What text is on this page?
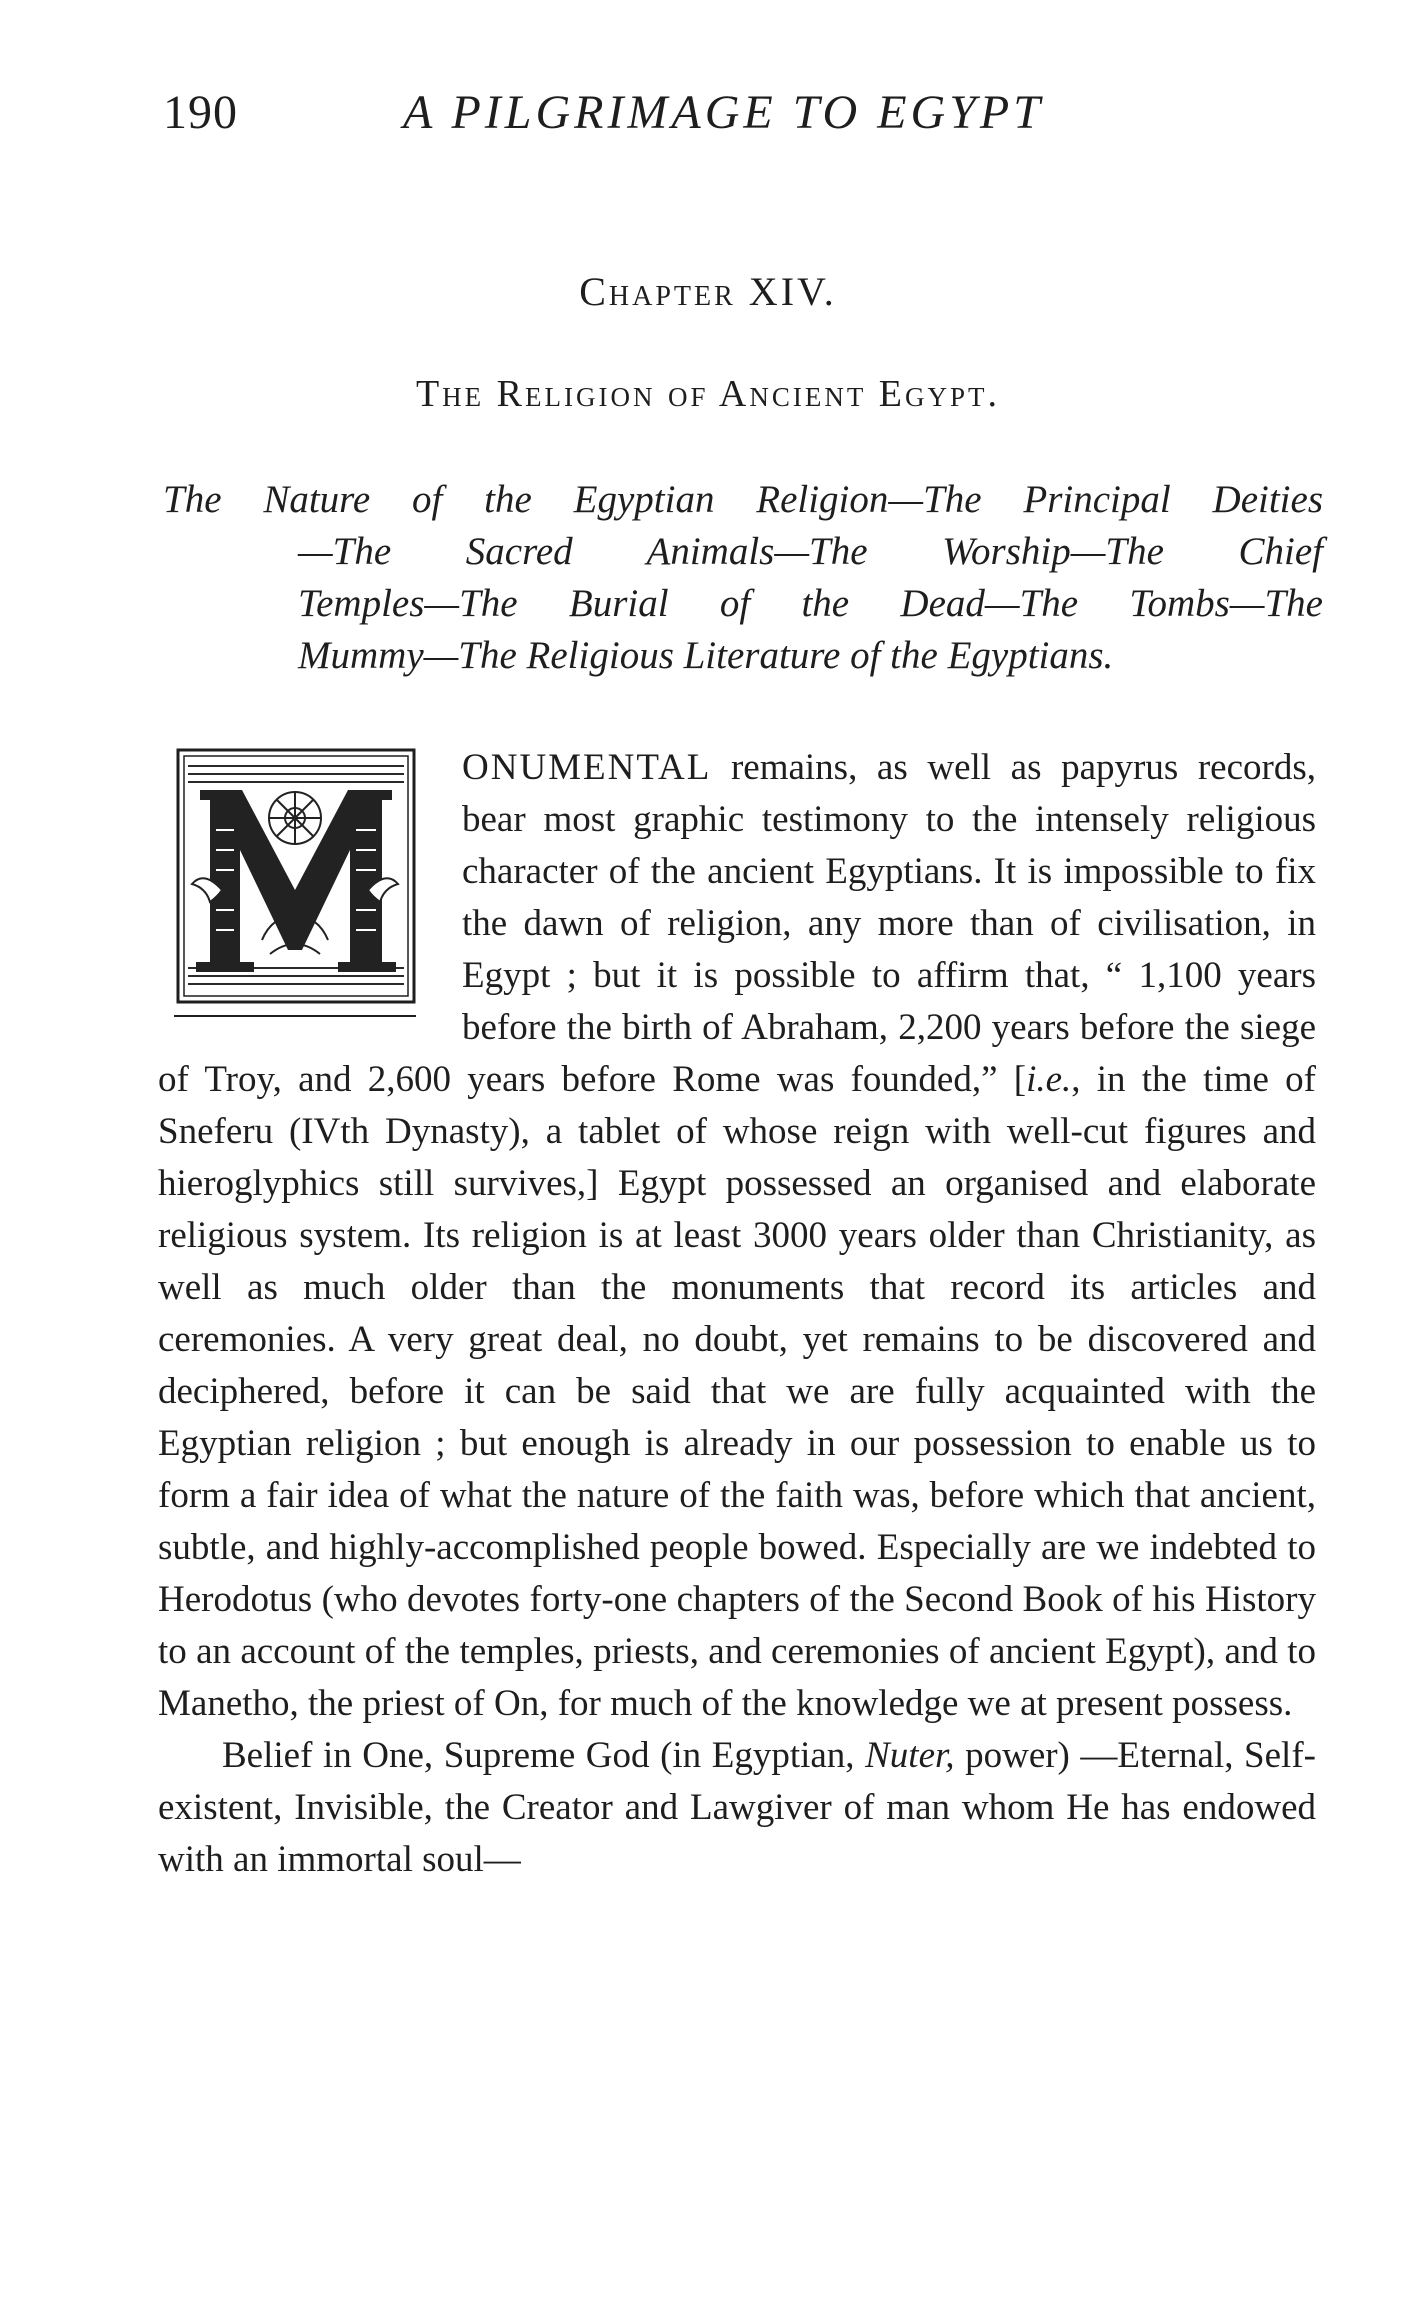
190	A PILGRIMAGE TO EGYPT
Chapter XIV.
The Religion of Ancient Egypt.
The Nature of the Egyptian Religion—The Principal Deities
—The Sacred Animals—The Worship—The Chief
Temples—The Burial of the Dead—The Tombs—The
Mummy—The Religious Literature of the Egyptians.

ONUMENTAL remains, as well as papyrus records, bear most graphic testimony to the intensely religious character of the ancient Egyptians. It is impossible to fix the dawn of religion, any more than of civilisation, in Egypt ; but it is possible to affirm that, “ 1,100 years before the birth of Abraham, 2,200 years before the siege of Troy, and 2,600 years before Rome was founded,” [i.e., in the time of Sneferu (IVth Dynasty), a tablet of whose reign with well-cut figures and hieroglyphics still survives,] Egypt possessed an organised and elaborate religious system. Its religion is at least 3000 years older than Christianity, as well as much older than the monuments that record its articles and ceremonies. A very great deal, no doubt, yet remains to be discovered and deciphered, before it can be said that we are fully acquainted with the Egyptian religion ; but enough is already in our possession to enable us to form a fair idea of what the nature of the faith was, before which that ancient, subtle, and highly-accomplished people bowed. Especially are we indebted to Herodotus (who devotes forty-one chapters of the Second Book of his History to an account of the temples, priests, and ceremonies of ancient Egypt), and to Manetho, the priest of On, for much of the knowledge we at present possess.

Belief in One, Supreme God (in Egyptian, Nuter, power) —Eternal, Self-existent, Invisible, the Creator and Lawgiver of man whom He has endowed with an immortal soul—
